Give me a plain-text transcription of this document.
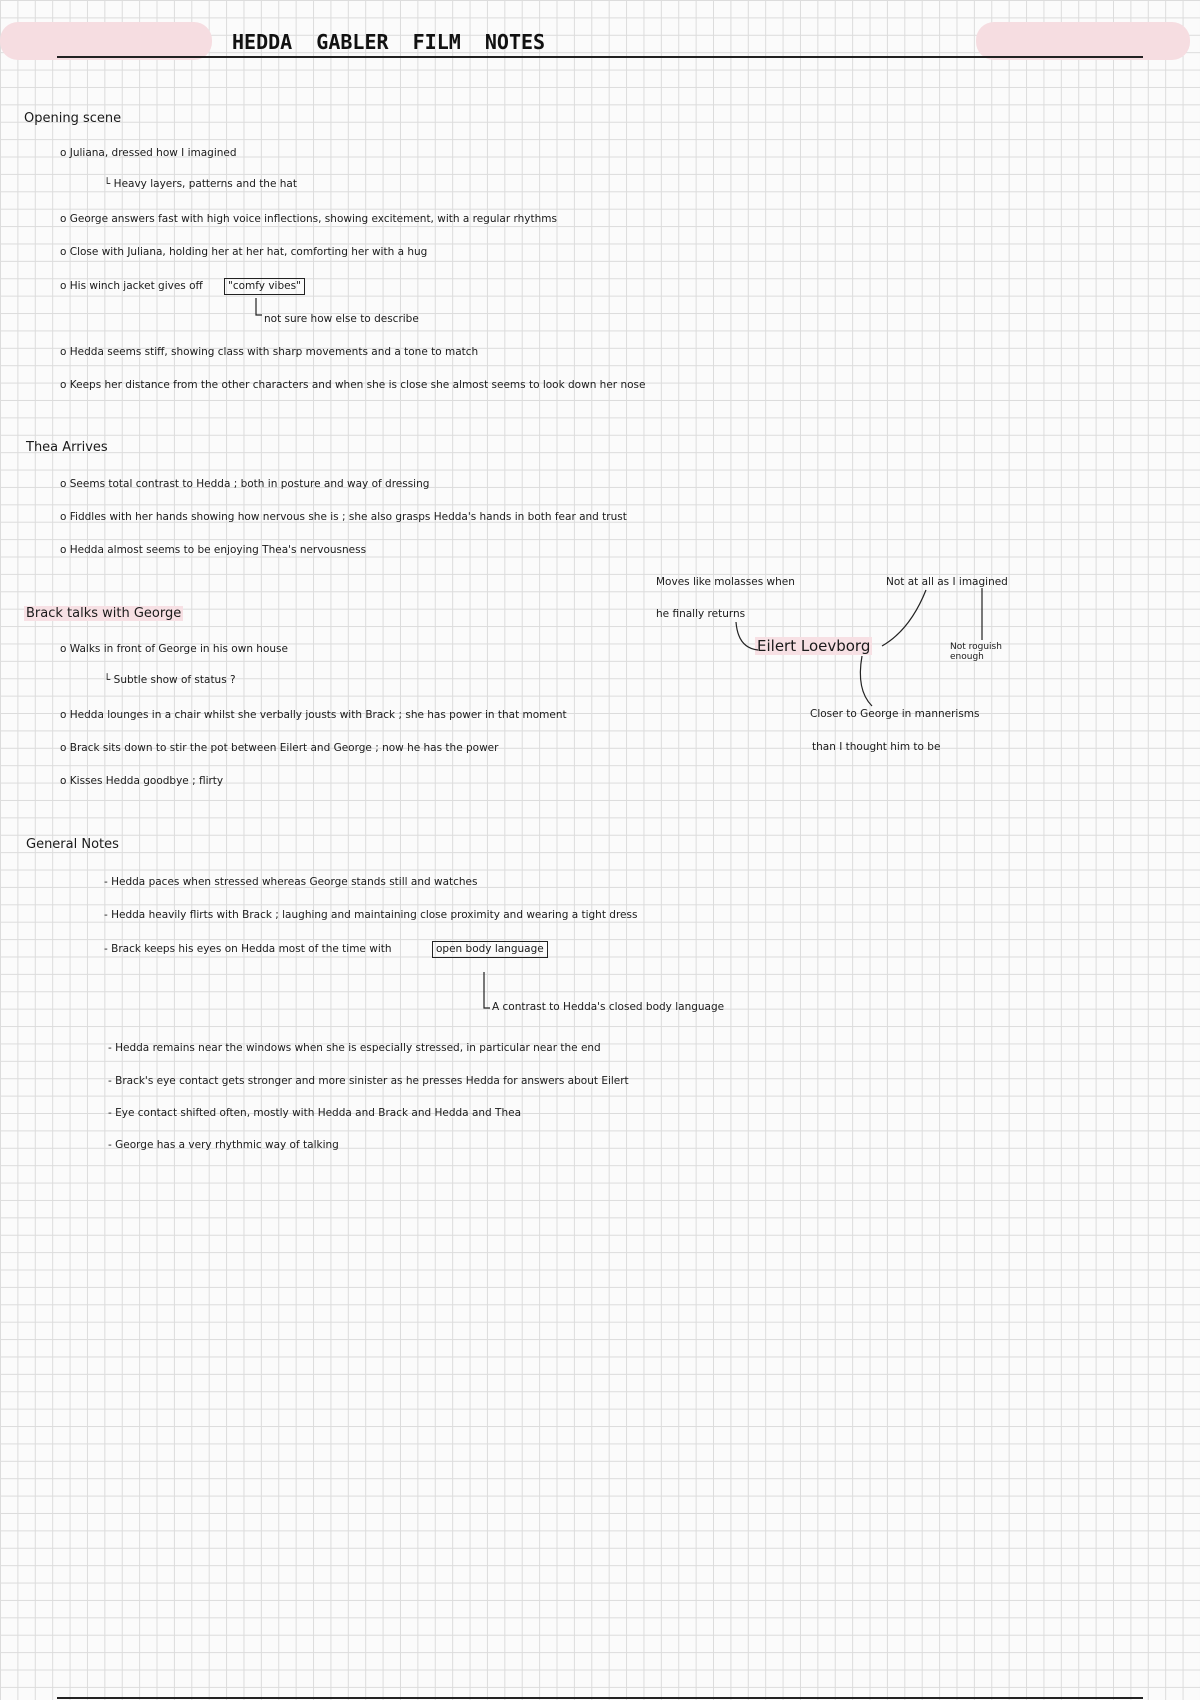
HEDDA  GABLER  FILM  NOTES
Opening scene
o Juliana, dressed how I imagined
└ Heavy layers, patterns and the hat
o George answers fast with high voice inflections, showing excitement, with a regular rhythms
o Close with Juliana, holding her at her hat, comforting her with a hug
o His winch jacket gives off	"comfy vibes"
not sure how else to describe
o Hedda seems stiff, showing class with sharp movements and a tone to match
o Keeps her distance from the other characters and when she is close she almost seems to look down her nose
Thea Arrives
o Seems total contrast to Hedda ; both in posture and way of dressing
o Fiddles with her hands showing how nervous she is ; she also grasps Hedda's hands in both fear and trust
o Hedda almost seems to be enjoying Thea's nervousness
Brack talks with George
o Walks in front of George in his own house
└ Subtle show of status ?
o Hedda lounges in a chair whilst she verbally jousts with Brack ; she has power in that moment
o Brack sits down to stir the pot between Eilert and George ; now he has the power
o Kisses Hedda goodbye ; flirty
Moves like molasses when
he finally returns
Eilert Loevborg
Not at all as I imagined
Not roguish enough
Closer to George in mannerisms
than I thought him to be
General Notes
- Hedda paces when stressed whereas George stands still and watches
- Hedda heavily flirts with Brack ; laughing and maintaining close proximity and wearing a tight dress
- Brack keeps his eyes on Hedda most of the time with	open body language
A contrast to Hedda's closed body language
- Hedda remains near the windows when she is especially stressed, in particular near the end
- Brack's eye contact gets stronger and more sinister as he presses Hedda for answers about Eilert
- Eye contact shifted often, mostly with Hedda and Brack and Hedda and Thea
- George has a very rhythmic way of talking
